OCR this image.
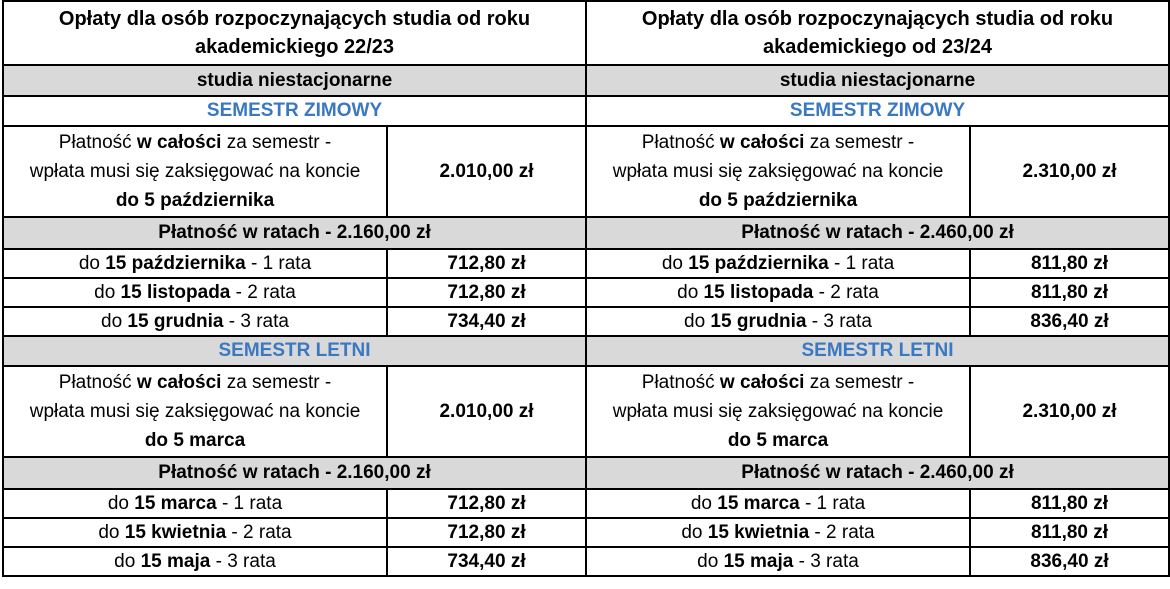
Opłaty dla osób rozpoczynających studia od roku
akademickiego 22/23	
studia niestacjonarne	
SEMESTR ZIMOWY	
Płatność w całości za semestr -
wpłata musi się zaksięgować na koncie
do 5 października	2.010,00 zł
Płatność w ratach - 2.160,00 zł	
do 15 października - 1 rata	712,80 zł
do 15 listopada - 2 rata	712,80 zł
do 15 grudnia - 3 rata	734,40 zł
SEMESTR LETNI	
Płatność w całości za semestr -
wpłata musi się zaksięgować na koncie
do 5 marca	2.010,00 zł
Płatność w ratach - 2.160,00 zł	
do 15 marca - 1 rata	712,80 zł
do 15 kwietnia - 2 rata	712,80 zł
do 15 maja - 3 rata	734,40 zł
Opłaty dla osób rozpoczynających studia od roku
akademickiego od 23/24	
studia niestacjonarne	
SEMESTR ZIMOWY	
Płatność w całości za semestr -
wpłata musi się zaksięgować na koncie
do 5 października	2.310,00 zł
Płatność w ratach - 2.460,00 zł	
do 15 października - 1 rata	811,80 zł
do 15 listopada - 2 rata	811,80 zł
do 15 grudnia - 3 rata	836,40 zł
SEMESTR LETNI	
Płatność w całości za semestr -
wpłata musi się zaksięgować na koncie
do 5 marca	2.310,00 zł
Płatność w ratach - 2.460,00 zł	
do 15 marca - 1 rata	811,80 zł
do 15 kwietnia - 2 rata	811,80 zł
do 15 maja - 3 rata	836,40 zł
